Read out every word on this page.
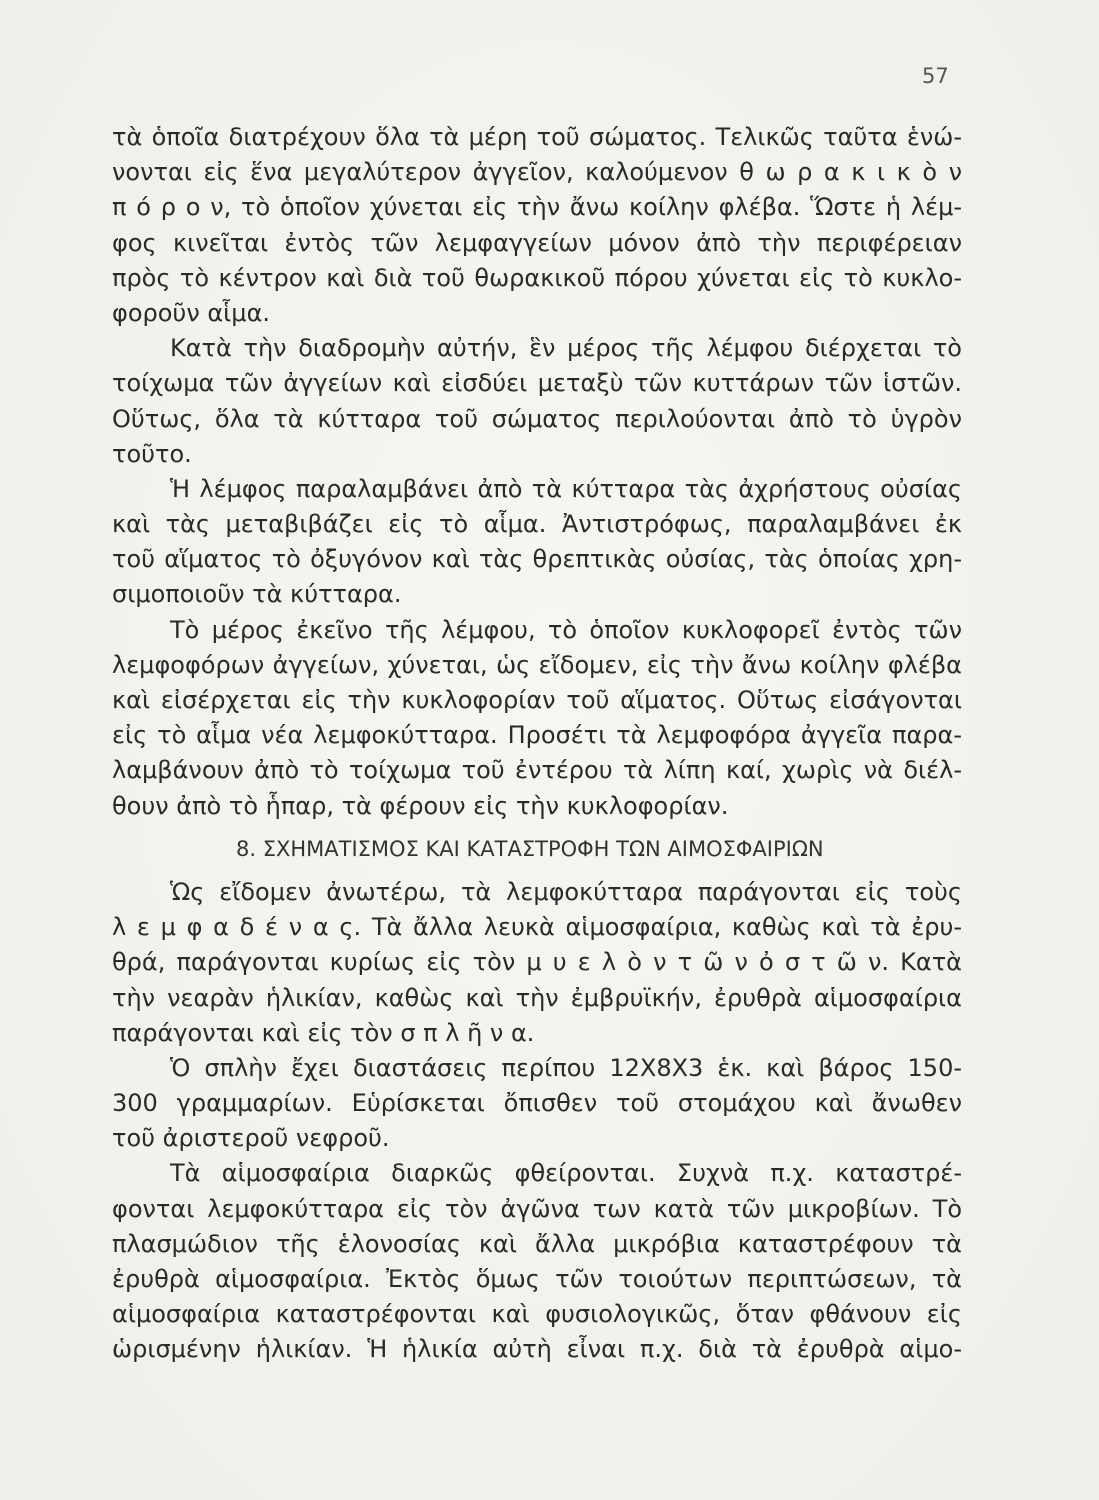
57
τὰ ὁποῖα διατρέχουν ὅλα τὰ μέρη τοῦ σώματος. Τελικῶς ταῦτα ἑνώ-
νονται εἰς ἕνα μεγαλύτερον ἀγγεῖον, καλούμενον θ ω ρ α κ ι κ ὸ ν
π ό ρ ο ν, τὸ ὁποῖον χύνεται εἰς τὴν ἄνω κοίλην φλέβα. Ὥστε ἡ λέμ-
φος κινεῖται ἐντὸς τῶν λεμφαγγείων μόνον ἀπὸ τὴν περιφέρειαν
πρὸς τὸ κέντρον καὶ διὰ τοῦ θωρακικοῦ πόρου χύνεται εἰς τὸ κυκλο-
φοροῦν αἷμα.
Κατὰ τὴν διαδρομὴν αὐτήν, ἓν μέρος τῆς λέμφου διέρχεται τὸ
τοίχωμα τῶν ἀγγείων καὶ εἰσδύει μεταξὺ τῶν κυττάρων τῶν ἱστῶν.
Οὕτως, ὅλα τὰ κύτταρα τοῦ σώματος περιλούονται ἀπὸ τὸ ὑγρὸν
τοῦτο.
Ἡ λέμφος παραλαμβάνει ἀπὸ τὰ κύτταρα τὰς ἀχρήστους οὐσίας
καὶ τὰς μεταβιβάζει εἰς τὸ αἷμα. Ἀντιστρόφως, παραλαμβάνει ἐκ
τοῦ αἵματος τὸ ὀξυγόνον καὶ τὰς θρεπτικὰς οὐσίας, τὰς ὁποίας χρη-
σιμοποιοῦν τὰ κύτταρα.
Τὸ μέρος ἐκεῖνο τῆς λέμφου, τὸ ὁποῖον κυκλοφορεῖ ἐντὸς τῶν
λεμφοφόρων ἀγγείων, χύνεται, ὡς εἴδομεν, εἰς τὴν ἄνω κοίλην φλέβα
καὶ εἰσέρχεται εἰς τὴν κυκλοφορίαν τοῦ αἵματος. Οὕτως εἰσάγονται
εἰς τὸ αἷμα νέα λεμφοκύτταρα. Προσέτι τὰ λεμφοφόρα ἀγγεῖα παρα-
λαμβάνουν ἀπὸ τὸ τοίχωμα τοῦ ἐντέρου τὰ λίπη καί, χωρὶς νὰ διέλ-
θουν ἀπὸ τὸ ἧπαρ, τὰ φέρουν εἰς τὴν κυκλοφορίαν.
8. ΣΧΗΜΑΤΙΣΜΟΣ ΚΑΙ ΚΑΤΑΣΤΡΟΦΗ ΤΩΝ ΑΙΜΟΣΦΑΙΡΙΩΝ
Ὡς εἴδομεν ἀνωτέρω, τὰ λεμφοκύτταρα παράγονται εἰς τοὺς
λ ε μ φ α δ έ ν α ς. Τὰ ἄλλα λευκὰ αἱμοσφαίρια, καθὼς καὶ τὰ ἐρυ-
θρά, παράγονται κυρίως εἰς τὸν μ υ ε λ ὸ ν τ ῶ ν ὀ σ τ ῶ ν. Κατὰ
τὴν νεαρὰν ἡλικίαν, καθὼς καὶ τὴν ἐμβρυϊκήν, ἐρυθρὰ αἱμοσφαίρια
παράγονται καὶ εἰς τὸν σ π λ ῆ ν α.
Ὁ σπλὴν ἔχει διαστάσεις περίπου 12Χ8Χ3 ἑκ. καὶ βάρος 150-
300 γραμμαρίων. Εὑρίσκεται ὄπισθεν τοῦ στομάχου καὶ ἄνωθεν
τοῦ ἀριστεροῦ νεφροῦ.
Τὰ αἱμοσφαίρια διαρκῶς φθείρονται. Συχνὰ π.χ. καταστρέ-
φονται λεμφοκύτταρα εἰς τὸν ἀγῶνα των κατὰ τῶν μικροβίων. Τὸ
πλασμώδιον τῆς ἑλονοσίας καὶ ἄλλα μικρόβια καταστρέφουν τὰ
ἐρυθρὰ αἱμοσφαίρια. Ἐκτὸς ὅμως τῶν τοιούτων περιπτώσεων, τὰ
αἱμοσφαίρια καταστρέφονται καὶ φυσιολογικῶς, ὅταν φθάνουν εἰς
ὡρισμένην ἡλικίαν. Ἡ ἡλικία αὐτὴ εἶναι π.χ. διὰ τὰ ἐρυθρὰ αἱμο-
